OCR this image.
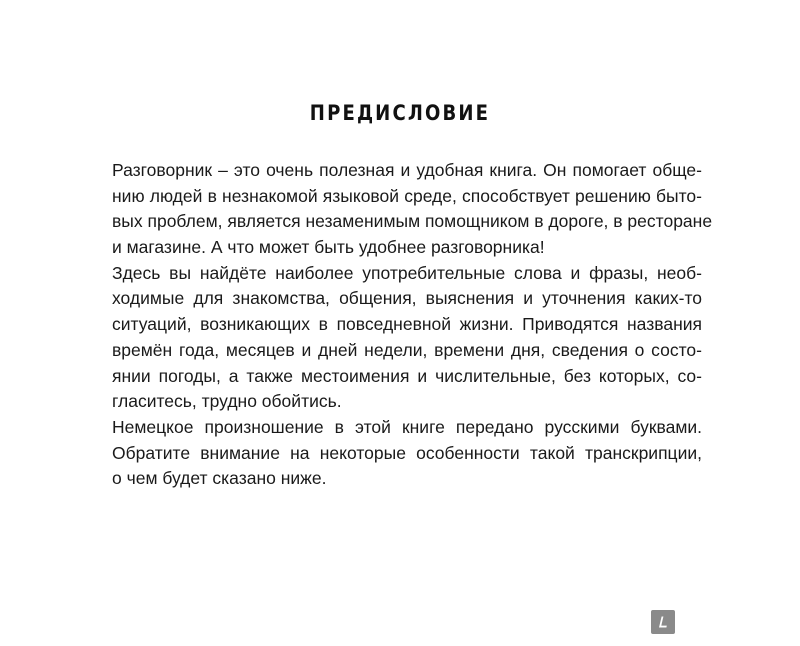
ПРЕДИСЛОВИЕ
Разговорник – это очень полезная и удобная книга. Он помогает обще-
нию людей в незнакомой языковой среде, способствует решению быто-
вых проблем, является незаменимым помощником в дороге, в ресторане
и магазине. А что может быть удобнее разговорника!
Здесь вы найдёте наиболее употребительные слова и фразы, необ-
ходимые для знакомства, общения, выяснения и уточнения каких-то
ситуаций, возникающих в повседневной жизни. Приводятся названия
времён года, месяцев и дней недели, времени дня, сведения о состо-
янии погоды, а также местоимения и числительные, без которых, со-
гласитесь, трудно обойтись.
Немецкое произношение в этой книге передано русскими буквами.
Обратите внимание на некоторые особенности такой транскрипции,
о чем будет сказано ниже.
